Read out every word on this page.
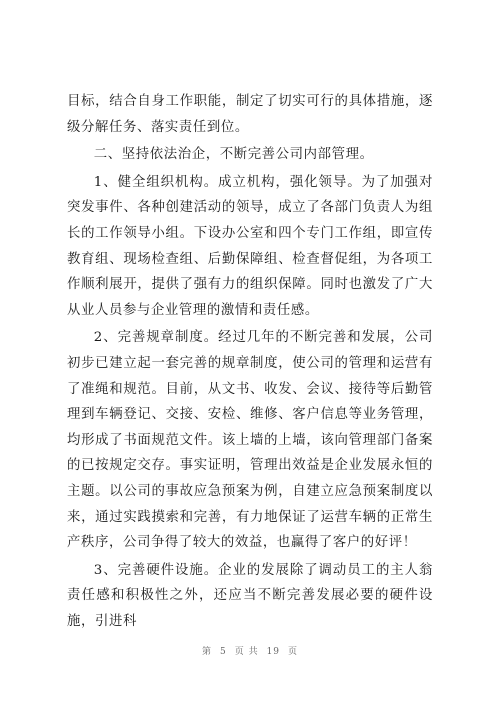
目标，结合自身工作职能，制定了切实可行的具体措施，逐级分解任务、落实责任到位。

二、坚持依法治企，不断完善公司内部管理。

1、健全组织机构。成立机构，强化领导。为了加强对突发事件、各种创建活动的领导，成立了各部门负责人为组长的工作领导小组。下设办公室和四个专门工作组，即宣传教育组、现场检查组、后勤保障组、检查督促组，为各项工作顺利展开，提供了强有力的组织保障。同时也激发了广大从业人员参与企业管理的激情和责任感。

2、完善规章制度。经过几年的不断完善和发展，公司初步已建立起一套完善的规章制度，使公司的管理和运营有了准绳和规范。目前，从文书、收发、会议、接待等后勤管理到车辆登记、交接、安检、维修、客户信息等业务管理，均形成了书面规范文件。该上墙的上墙，该向管理部门备案的已按规定交存。事实证明，管理出效益是企业发展永恒的主题。以公司的事故应急预案为例，自建立应急预案制度以来，通过实践摸索和完善，有力地保证了运营车辆的正常生产秩序，公司争得了较大的效益，也赢得了客户的好评！

3、完善硬件设施。企业的发展除了调动员工的主人翁责任感和积极性之外，还应当不断完善发展必要的硬件设施，引进科

第 5 页 共 19 页
